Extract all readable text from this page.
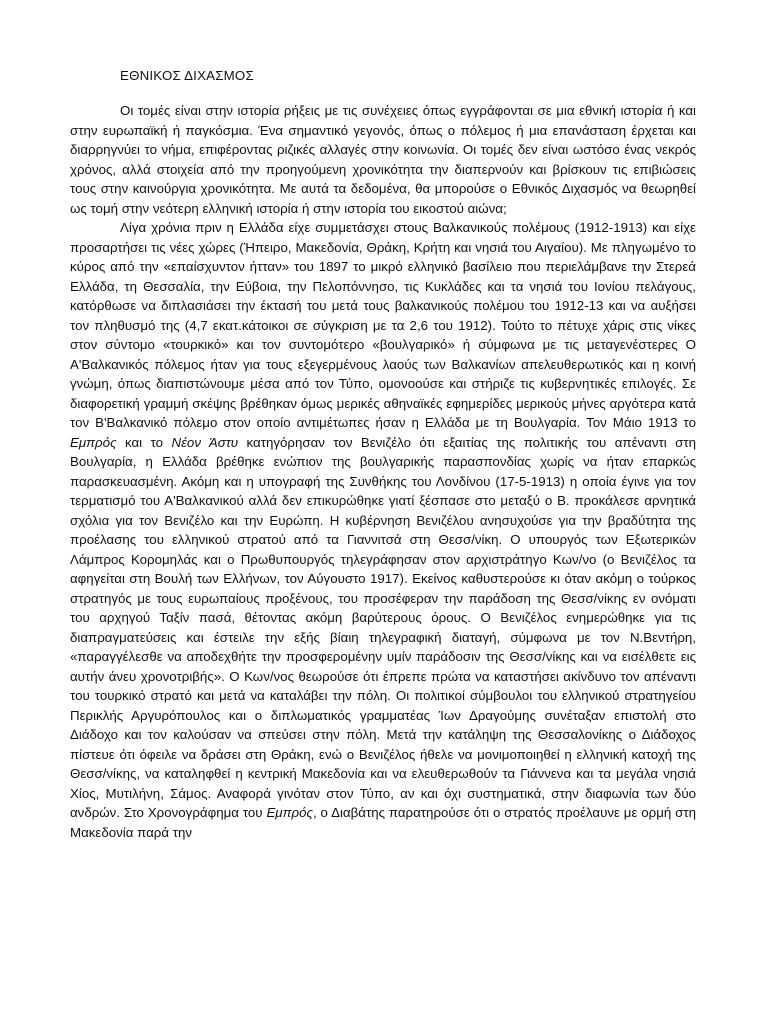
ΕΘΝΙΚΟΣ ΔΙΧΑΣΜΟΣ

Οι τομές είναι στην ιστορία ρήξεις με τις συνέχειες όπως εγγράφονται σε μια εθνική ιστορία ή και στην ευρωπαϊκή ή παγκόσμια. Ένα σημαντικό γεγονός, όπως ο πόλεμος ή μια επανάσταση έρχεται και διαρρηγνύει το νήμα, επιφέροντας ριζικές αλλαγές στην κοινωνία. Οι τομές δεν είναι ωστόσο ένας νεκρός χρόνος, αλλά στοιχεία από την προηγούμενη χρονικότητα την διαπερνούν και βρίσκουν τις επιβιώσεις τους στην καινούργια χρονικότητα. Με αυτά τα δεδομένα, θα μπορούσε ο Εθνικός Διχασμός να θεωρηθεί ως τομή στην νεότερη ελληνική ιστορία ή στην ιστορία του εικοστού αιώνα;

Λίγα χρόνια πριν η Ελλάδα είχε συμμετάσχει στους Βαλκανικούς πολέμους (1912-1913) και είχε προσαρτήσει τις νέες χώρες (Ήπειρο, Μακεδονία, Θράκη, Κρήτη και νησιά του Αιγαίου). Με πληγωμένο το κύρος από την «επαίσχυντον ήτταν» του 1897 το μικρό ελληνικό βασίλειο που περιελάμβανε την Στερεά Ελλάδα, τη Θεσσαλία, την Εύβοια, την Πελοπόννησο, τις Κυκλάδες και τα νησιά του Ιονίου πελάγους, κατόρθωσε να διπλασιάσει την έκτασή του μετά τους βαλκανικούς πολέμου του 1912-13 και να αυξήσει τον πληθυσμό της (4,7 εκατ.κάτοικοι σε σύγκριση με τα 2,6 του 1912). Τούτο το πέτυχε χάρις στις νίκες στον σύντομο «τουρκικό» και τον συντομότερο «βουλγαρικό» ή σύμφωνα με τις μεταγενέστερες Ο Α'Βαλκανικός πόλεμος ήταν για τους εξεγερμένους λαούς των Βαλκανίων απελευθερωτικός και η κοινή γνώμη, όπως διαπιστώνουμε μέσα από τον Τύπο, ομονοούσε και στήριζε τις κυβερνητικές επιλογές. Σε διαφορετική γραμμή σκέψης βρέθηκαν όμως μερικές αθηναϊκές εφημερίδες μερικούς μήνες αργότερα κατά τον Β'Βαλκανικό πόλεμο στον οποίο αντιμέτωπες ήσαν η Ελλάδα με τη Βουλγαρία. Τον Μάιο 1913 το Εμπρός και το Νέον Άστυ κατηγόρησαν τον Βενιζέλο ότι εξαιτίας της πολιτικής του απέναντι στη Βουλγαρία, η Ελλάδα βρέθηκε ενώπιον της βουλγαρικής παρασπονδίας χωρίς να ήταν επαρκώς παρασκευασμένη. Ακόμη και η υπογραφή της Συνθήκης του Λονδίνου (17-5-1913) η οποία έγινε για τον τερματισμό του Α'Βαλκανικού αλλά δεν επικυρώθηκε γιατί ξέσπασε στο μεταξύ ο Β. προκάλεσε αρνητικά σχόλια για τον Βενιζέλο και την Ευρώπη. Η κυβέρνηση Βενιζέλου ανησυχούσε για την βραδύτητα της προέλασης του ελληνικού στρατού από τα Γιαννιτσά στη Θεσσ/νίκη. Ο υπουργός των Εξωτερικών Λάμπρος Κορομηλάς και ο Πρωθυπουργός τηλεγράφησαν στον αρχιστράτηγο Κων/νο (ο Βενιζέλος τα αφηγείται στη Βουλή των Ελλήνων, τον Αύγουστο 1917). Εκείνος καθυστερούσε κι όταν ακόμη ο τούρκος στρατηγός με τους ευρωπαίους προξένους, του προσέφεραν την παράδοση της Θεσσ/νίκης εν ονόματι του αρχηγού Ταξίν πασά, θέτοντας ακόμη βαρύτερους όρους. Ο Βενιζέλος ενημερώθηκε για τις διαπραγματεύσεις και έστειλε την εξής βίαιη τηλεγραφική διαταγή, σύμφωνα με τον Ν.Βεντήρη, «παραγγέλεσθε να αποδεχθήτε την προσφερομένην υμίν παράδοσιν της Θεσσ/νίκης και να εισέλθετε εις αυτήν άνευ χρονοτριβής». Ο Κων/νος θεωρούσε ότι έπρεπε πρώτα να καταστήσει ακίνδυνο τον απέναντι του τουρκικό στρατό και μετά να καταλάβει την πόλη. Οι πολιτικοί σύμβουλοι του ελληνικού στρατηγείου Περικλής Αργυρόπουλος και ο διπλωματικός γραμματέας Ίων Δραγούμης συνέταξαν επιστολή στο Διάδοχο και τον καλούσαν να σπεύσει στην πόλη. Μετά την κατάληψη της Θεσσαλονίκης ο Διάδοχος πίστευε ότι όφειλε να δράσει στη Θράκη, ενώ ο Βενιζέλος ήθελε να μονιμοποιηθεί η ελληνική κατοχή της Θεσσ/νίκης, να καταληφθεί η κεντρική Μακεδονία και να ελευθερωθούν τα Γιάννενα και τα μεγάλα νησιά Χίος, Μυτιλήνη, Σάμος. Αναφορά γινόταν στον Τύπο, αν και όχι συστηματικά, στην διαφωνία των δύο ανδρών. Στο Χρονογράφημα του Εμπρός, ο Διαβάτης παρατηρούσε ότι ο στρατός προέλαυνε με ορμή στη Μακεδονία παρά την
